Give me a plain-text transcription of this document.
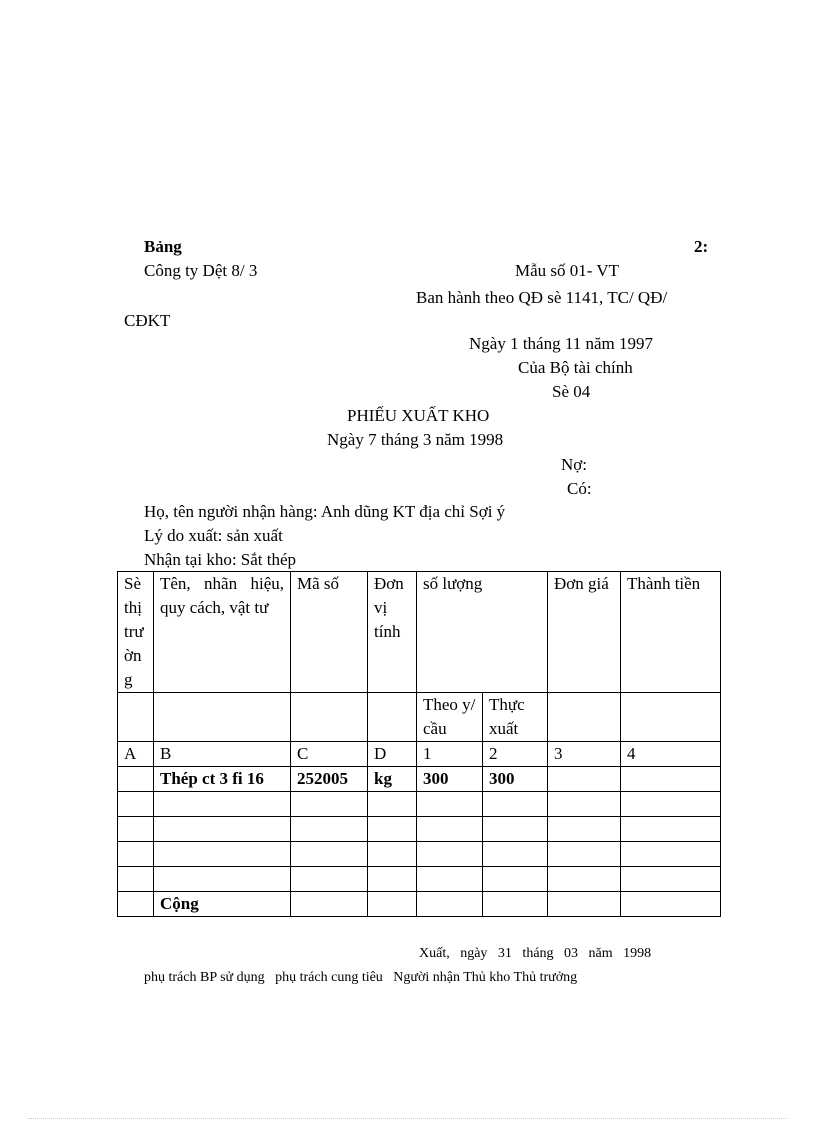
Bảng	2:
Công ty Dệt 8/ 3	Mẫu số 01- VT
Ban hành theo QĐ sè 1141, TC/ QĐ/
CĐKT
Ngày 1 tháng 11 năm 1997
Của Bộ tài chính
Sè 04
PHIẾU XUẤT KHO
Ngày 7 tháng 3 năm 1998
Nợ:
Có:
Họ, tên người nhận hàng: Anh dũng KT địa chỉ Sợi ý
Lý do xuất: sản xuất
Nhận tại kho: Sắt thép
Sè thị trường	Tên, nhãn hiệu, quy cách, vật tư	Mã số	Đơn vị tính	số lượng		Đơn giá	Thành tiền
				Theo y/ cầu	Thực xuất		
A	B	C	D	1	2	3	4
	Thép ct 3 fi 16	252005	kg	300	300		

	Cộng						
Xuất,   ngày   31   tháng   03   năm   1998
phụ trách BP sử dụng   phụ trách cung tiêu   Người nhận Thủ kho Thủ trưởng
